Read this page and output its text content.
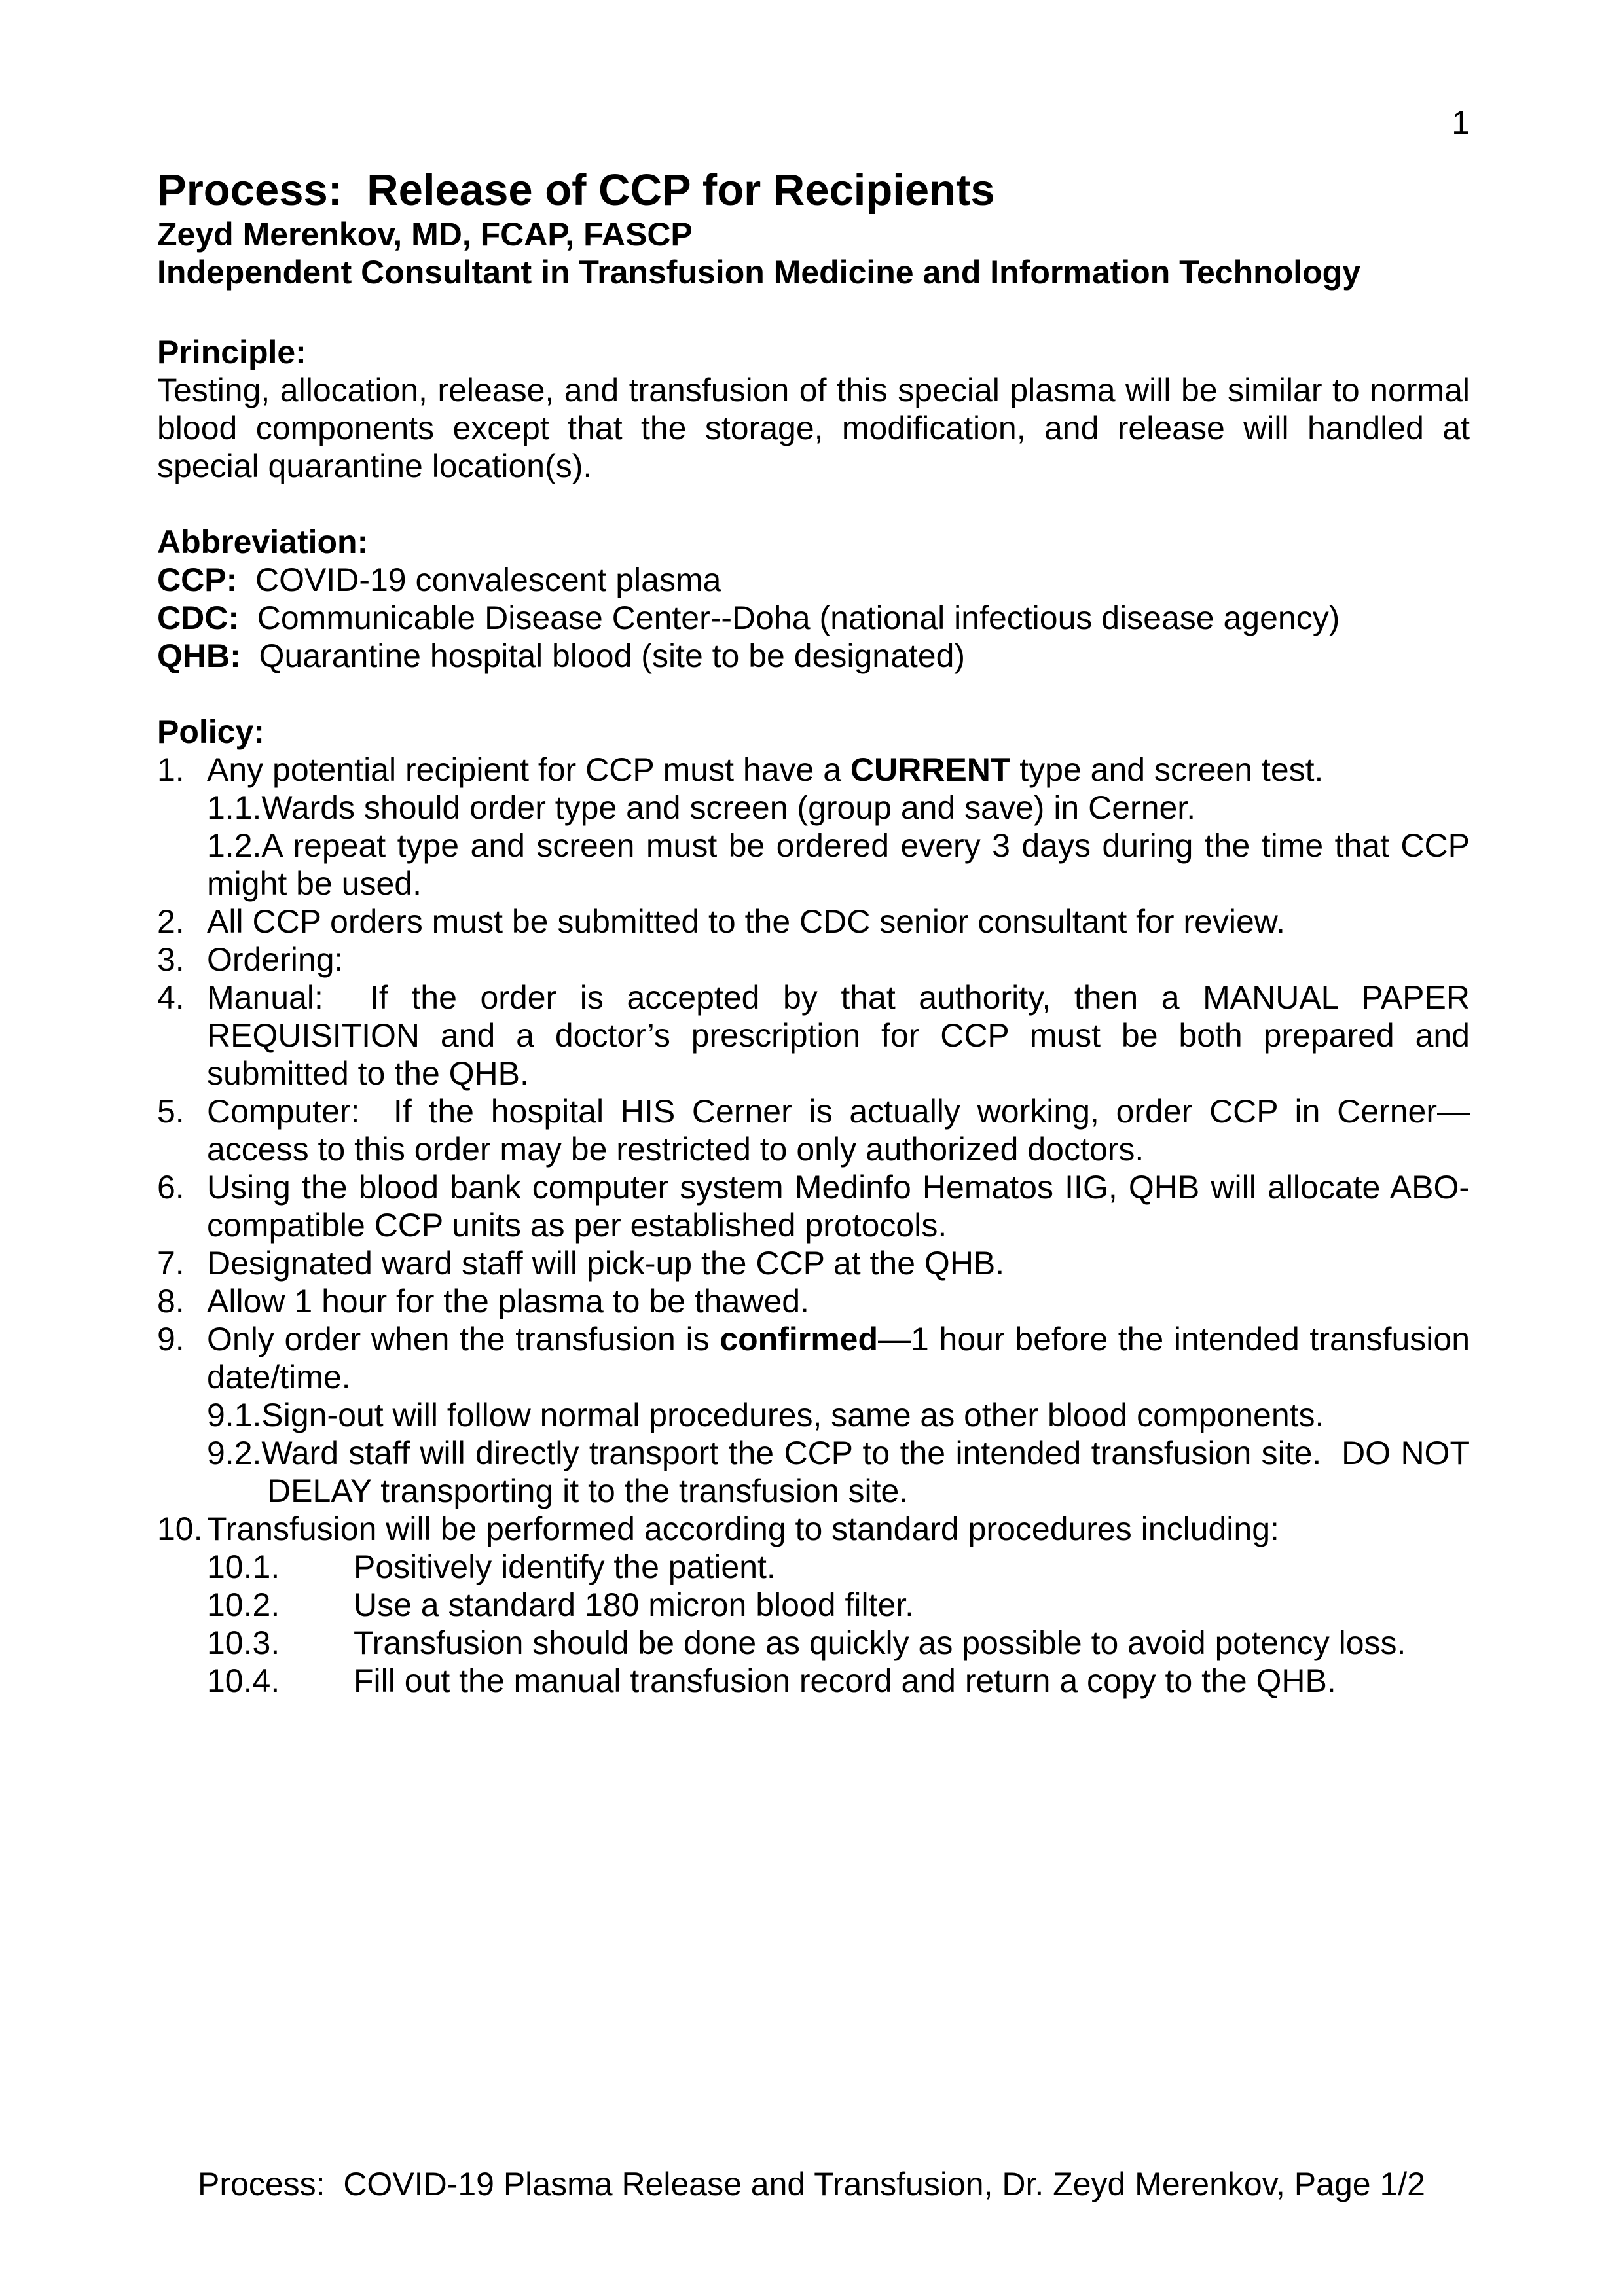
1
Process:  Release of CCP for Recipients
Zeyd Merenkov, MD, FCAP, FASCP
Independent Consultant in Transfusion Medicine and Information Technology
Principle:
Testing, allocation, release, and transfusion of this special plasma will be similar to normal blood components except that the storage, modification, and release will handled at special quarantine location(s).
Abbreviation:
CCP:  COVID-19 convalescent plasma
CDC:  Communicable Disease Center--Doha (national infectious disease agency)
QHB:  Quarantine hospital blood (site to be designated)
Policy:
1. Any potential recipient for CCP must have a CURRENT type and screen test.
1.1.Wards should order type and screen (group and save) in Cerner.
1.2.A repeat type and screen must be ordered every 3 days during the time that CCP might be used.
2. All CCP orders must be submitted to the CDC senior consultant for review.
3. Ordering:
4. Manual:  If the order is accepted by that authority, then a MANUAL PAPER REQUISITION and a doctor’s prescription for CCP must be both prepared and submitted to the QHB.
5. Computer:  If the hospital HIS Cerner is actually working, order CCP in Cerner—access to this order may be restricted to only authorized doctors.
6. Using the blood bank computer system Medinfo Hematos IIG, QHB will allocate ABO-compatible CCP units as per established protocols.
7. Designated ward staff will pick-up the CCP at the QHB.
8. Allow 1 hour for the plasma to be thawed.
9. Only order when the transfusion is confirmed—1 hour before the intended transfusion date/time.
9.1.Sign-out will follow normal procedures, same as other blood components.
9.2.Ward staff will directly transport the CCP to the intended transfusion site.  DO NOT DELAY transporting it to the transfusion site.
10. Transfusion will be performed according to standard procedures including:
10.1. Positively identify the patient.
10.2. Use a standard 180 micron blood filter.
10.3. Transfusion should be done as quickly as possible to avoid potency loss.
10.4. Fill out the manual transfusion record and return a copy to the QHB.
Process:  COVID-19 Plasma Release and Transfusion, Dr. Zeyd Merenkov, Page 1/2
